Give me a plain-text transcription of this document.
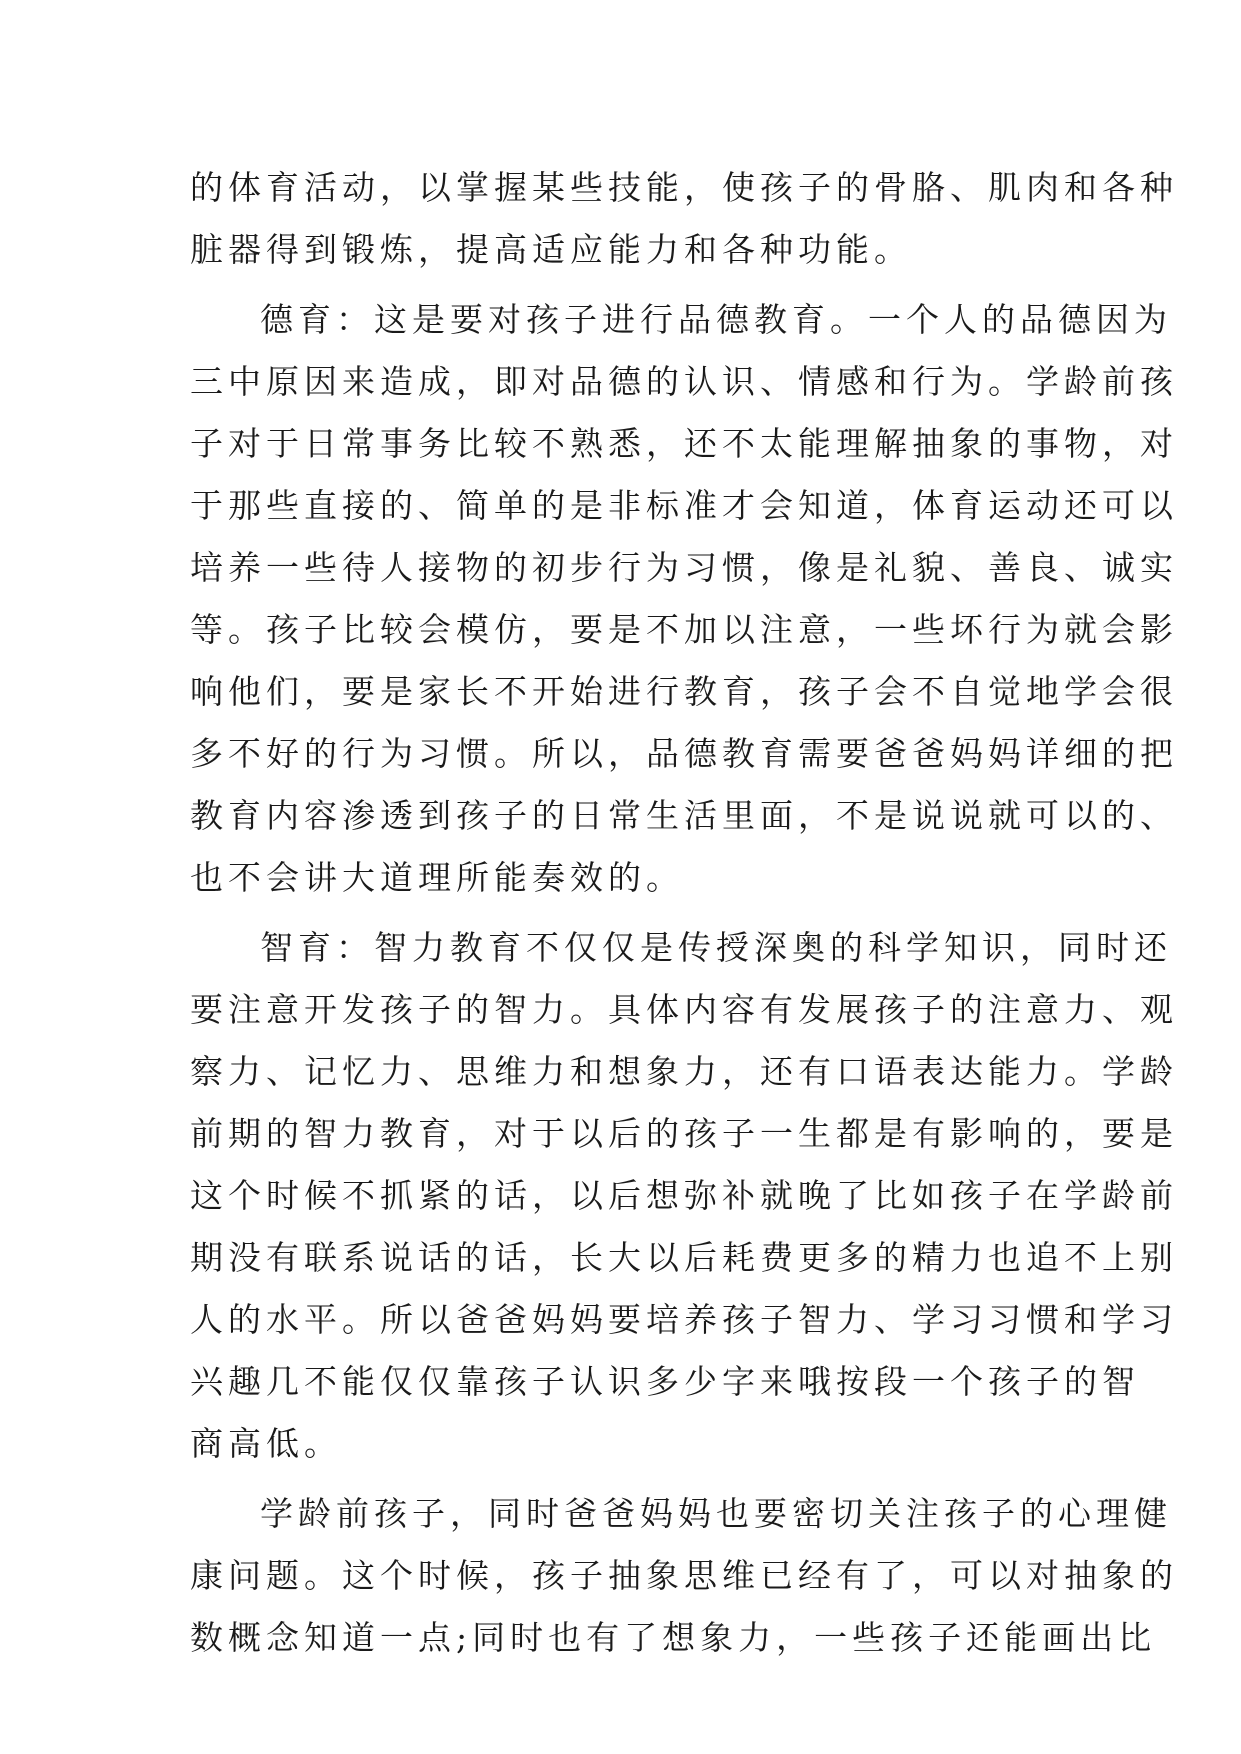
的体育活动，以掌握某些技能，使孩子的骨胳、肌肉和各种
脏器得到锻炼，提高适应能力和各种功能。
德育：这是要对孩子进行品德教育。一个人的品德因为
三中原因来造成，即对品德的认识、情感和行为。学龄前孩
子对于日常事务比较不熟悉，还不太能理解抽象的事物，对
于那些直接的、简单的是非标准才会知道，体育运动还可以
培养一些待人接物的初步行为习惯，像是礼貌、善良、诚实
等。孩子比较会模仿，要是不加以注意，一些坏行为就会影
响他们，要是家长不开始进行教育，孩子会不自觉地学会很
多不好的行为习惯。所以，品德教育需要爸爸妈妈详细的把
教育内容渗透到孩子的日常生活里面，不是说说就可以的、
也不会讲大道理所能奏效的。
智育：智力教育不仅仅是传授深奥的科学知识，同时还
要注意开发孩子的智力。具体内容有发展孩子的注意力、观
察力、记忆力、思维力和想象力，还有口语表达能力。学龄
前期的智力教育，对于以后的孩子一生都是有影响的，要是
这个时候不抓紧的话，以后想弥补就晚了比如孩子在学龄前
期没有联系说话的话，长大以后耗费更多的精力也追不上别
人的水平。所以爸爸妈妈要培养孩子智力、学习习惯和学习
兴趣几不能仅仅靠孩子认识多少字来哦按段一个孩子的智
商高低。
学龄前孩子，同时爸爸妈妈也要密切关注孩子的心理健
康问题。这个时候，孩子抽象思维已经有了，可以对抽象的
数概念知道一点;同时也有了想象力，一些孩子还能画出比
